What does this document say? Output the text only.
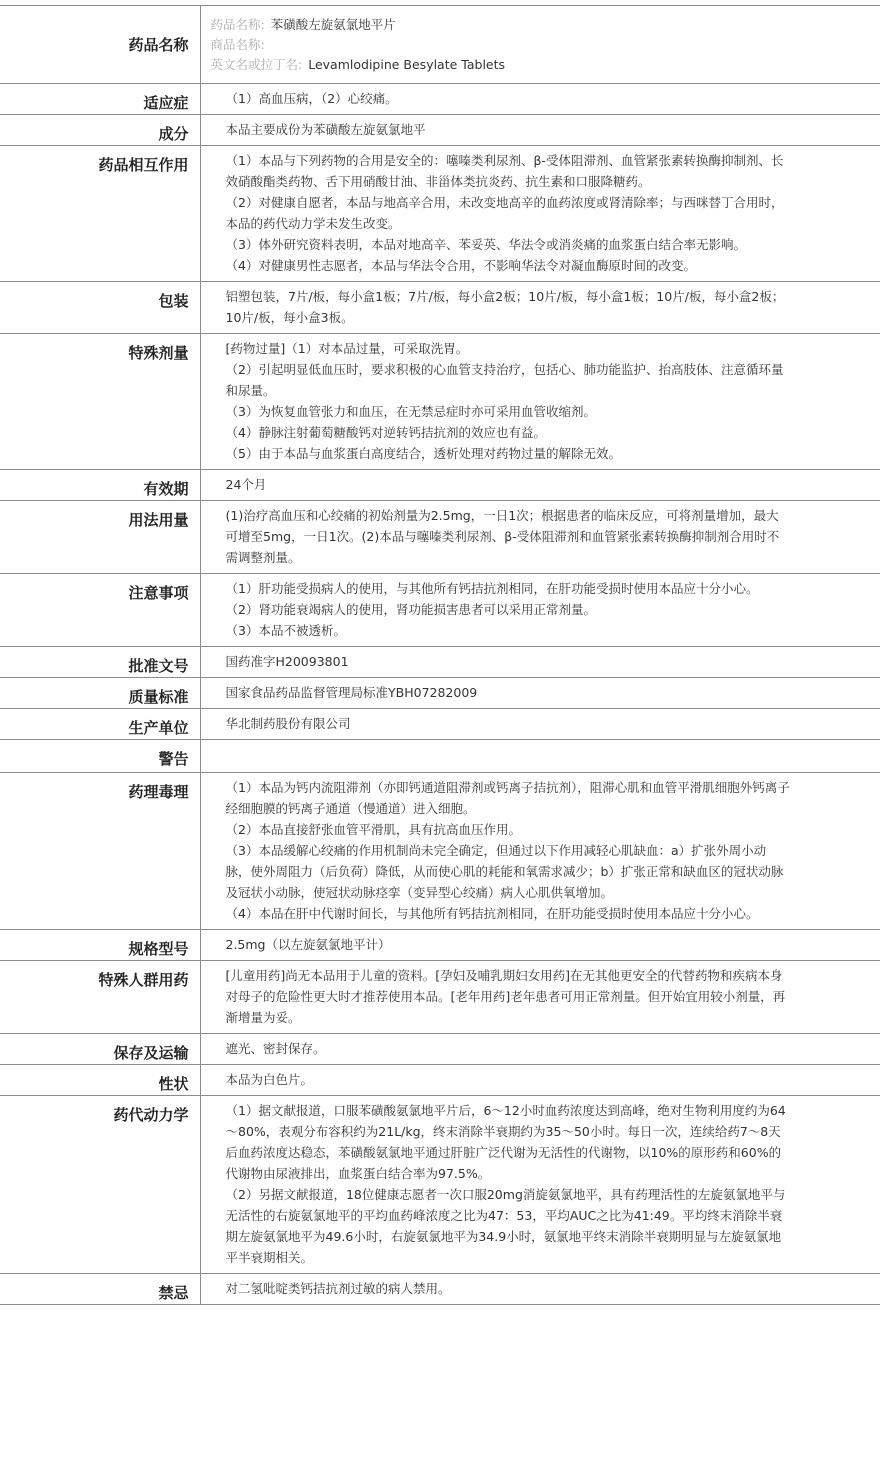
药品名称	药品名称: 苯磺酸左旋氨氯地平片
商品名称:
英文名或拉丁名: Levamlodipine Besylate Tablets

适应症	（1）高血压病，（2）心绞痛。

成分	本品主要成份为苯磺酸左旋氨氯地平

药品相互作用	（1）本品与下列药物的合用是安全的：噻嗪类利尿剂、β-受体阻滞剂、血管紧张素转换酶抑制剂、长效硝酸酯类药物、舌下用硝酸甘油、非甾体类抗炎药、抗生素和口服降糖药。
（2）对健康自愿者，本品与地高辛合用，未改变地高辛的血药浓度或肾清除率；与西咪替丁合用时，本品的药代动力学未发生改变。
（3）体外研究资料表明，本品对地高辛、苯妥英、华法令或消炎痛的血浆蛋白结合率无影响。
（4）对健康男性志愿者，本品与华法令合用，不影响华法令对凝血酶原时间的改变。

包装	铝塑包装，7片/板，每小盒1板；7片/板，每小盒2板；10片/板，每小盒1板；10片/板，每小盒2板；10片/板，每小盒3板。

特殊剂量	[药物过量]（1）对本品过量，可采取洗胃。
（2）引起明显低血压时，要求积极的心血管支持治疗，包括心、肺功能监护、抬高肢体、注意循环量和尿量。
（3）为恢复血管张力和血压，在无禁忌症时亦可采用血管收缩剂。
（4）静脉注射葡萄糖酸钙对逆转钙拮抗剂的效应也有益。
（5）由于本品与血浆蛋白高度结合，透析处理对药物过量的解除无效。

有效期	24个月

用法用量	(1)治疗高血压和心绞痛的初始剂量为2.5mg，一日1次；根据患者的临床反应，可将剂量增加，最大可增至5mg，一日1次。(2)本品与噻嗪类利尿剂、β-受体阻滞剂和血管紧张素转换酶抑制剂合用时不需调整剂量。

注意事项	（1）肝功能受损病人的使用，与其他所有钙拮抗剂相同，在肝功能受损时使用本品应十分小心。
（2）肾功能衰竭病人的使用，肾功能损害患者可以采用正常剂量。
（3）本品不被透析。

批准文号	国药准字H20093801

质量标准	国家食品药品监督管理局标准YBH07282009

生产单位	华北制药股份有限公司

警告	
药理毒理	（1）本品为钙内流阻滞剂（亦即钙通道阻滞剂或钙离子拮抗剂），阻滞心肌和血管平滑肌细胞外钙离子经细胞膜的钙离子通道（慢通道）进入细胞。
（2）本品直接舒张血管平滑肌，具有抗高血压作用。
（3）本品缓解心绞痛的作用机制尚未完全确定，但通过以下作用减轻心肌缺血：a）扩张外周小动脉，使外周阻力（后负荷）降低，从而使心肌的耗能和氧需求减少；b）扩张正常和缺血区的冠状动脉及冠状小动脉，使冠状动脉痉挛（变异型心绞痛）病人心肌供氧增加。
（4）本品在肝中代谢时间长，与其他所有钙拮抗剂相同，在肝功能受损时使用本品应十分小心。

规格型号	2.5mg（以左旋氨氯地平计）

特殊人群用药	[儿童用药]尚无本品用于儿童的资料。[孕妇及哺乳期妇女用药]在无其他更安全的代替药物和疾病本身对母子的危险性更大时才推荐使用本品。[老年用药]老年患者可用正常剂量。但开始宜用较小剂量，再渐增量为妥。

保存及运输	遮光、密封保存。

性状	本品为白色片。

药代动力学	（1）据文献报道，口服苯磺酸氨氯地平片后，6～12小时血药浓度达到高峰，绝对生物利用度约为64～80%，表观分布容积约为21L/kg，终末消除半衰期约为35～50小时。每日一次，连续给药7～8天后血药浓度达稳态，苯磺酸氨氯地平通过肝脏广泛代谢为无活性的代谢物，以10%的原形药和60%的代谢物由尿液排出，血浆蛋白结合率为97.5%。
（2）另据文献报道，18位健康志愿者一次口服20mg消旋氨氯地平，具有药理活性的左旋氨氯地平与无活性的右旋氨氯地平的平均血药峰浓度之比为47：53，平均AUC之比为41:49。平均终末消除半衰期左旋氨氯地平为49.6小时，右旋氨氯地平为34.9小时，氨氯地平终末消除半衰期明显与左旋氨氯地平半衰期相关。

禁忌	对二氢吡啶类钙拮抗剂过敏的病人禁用。
